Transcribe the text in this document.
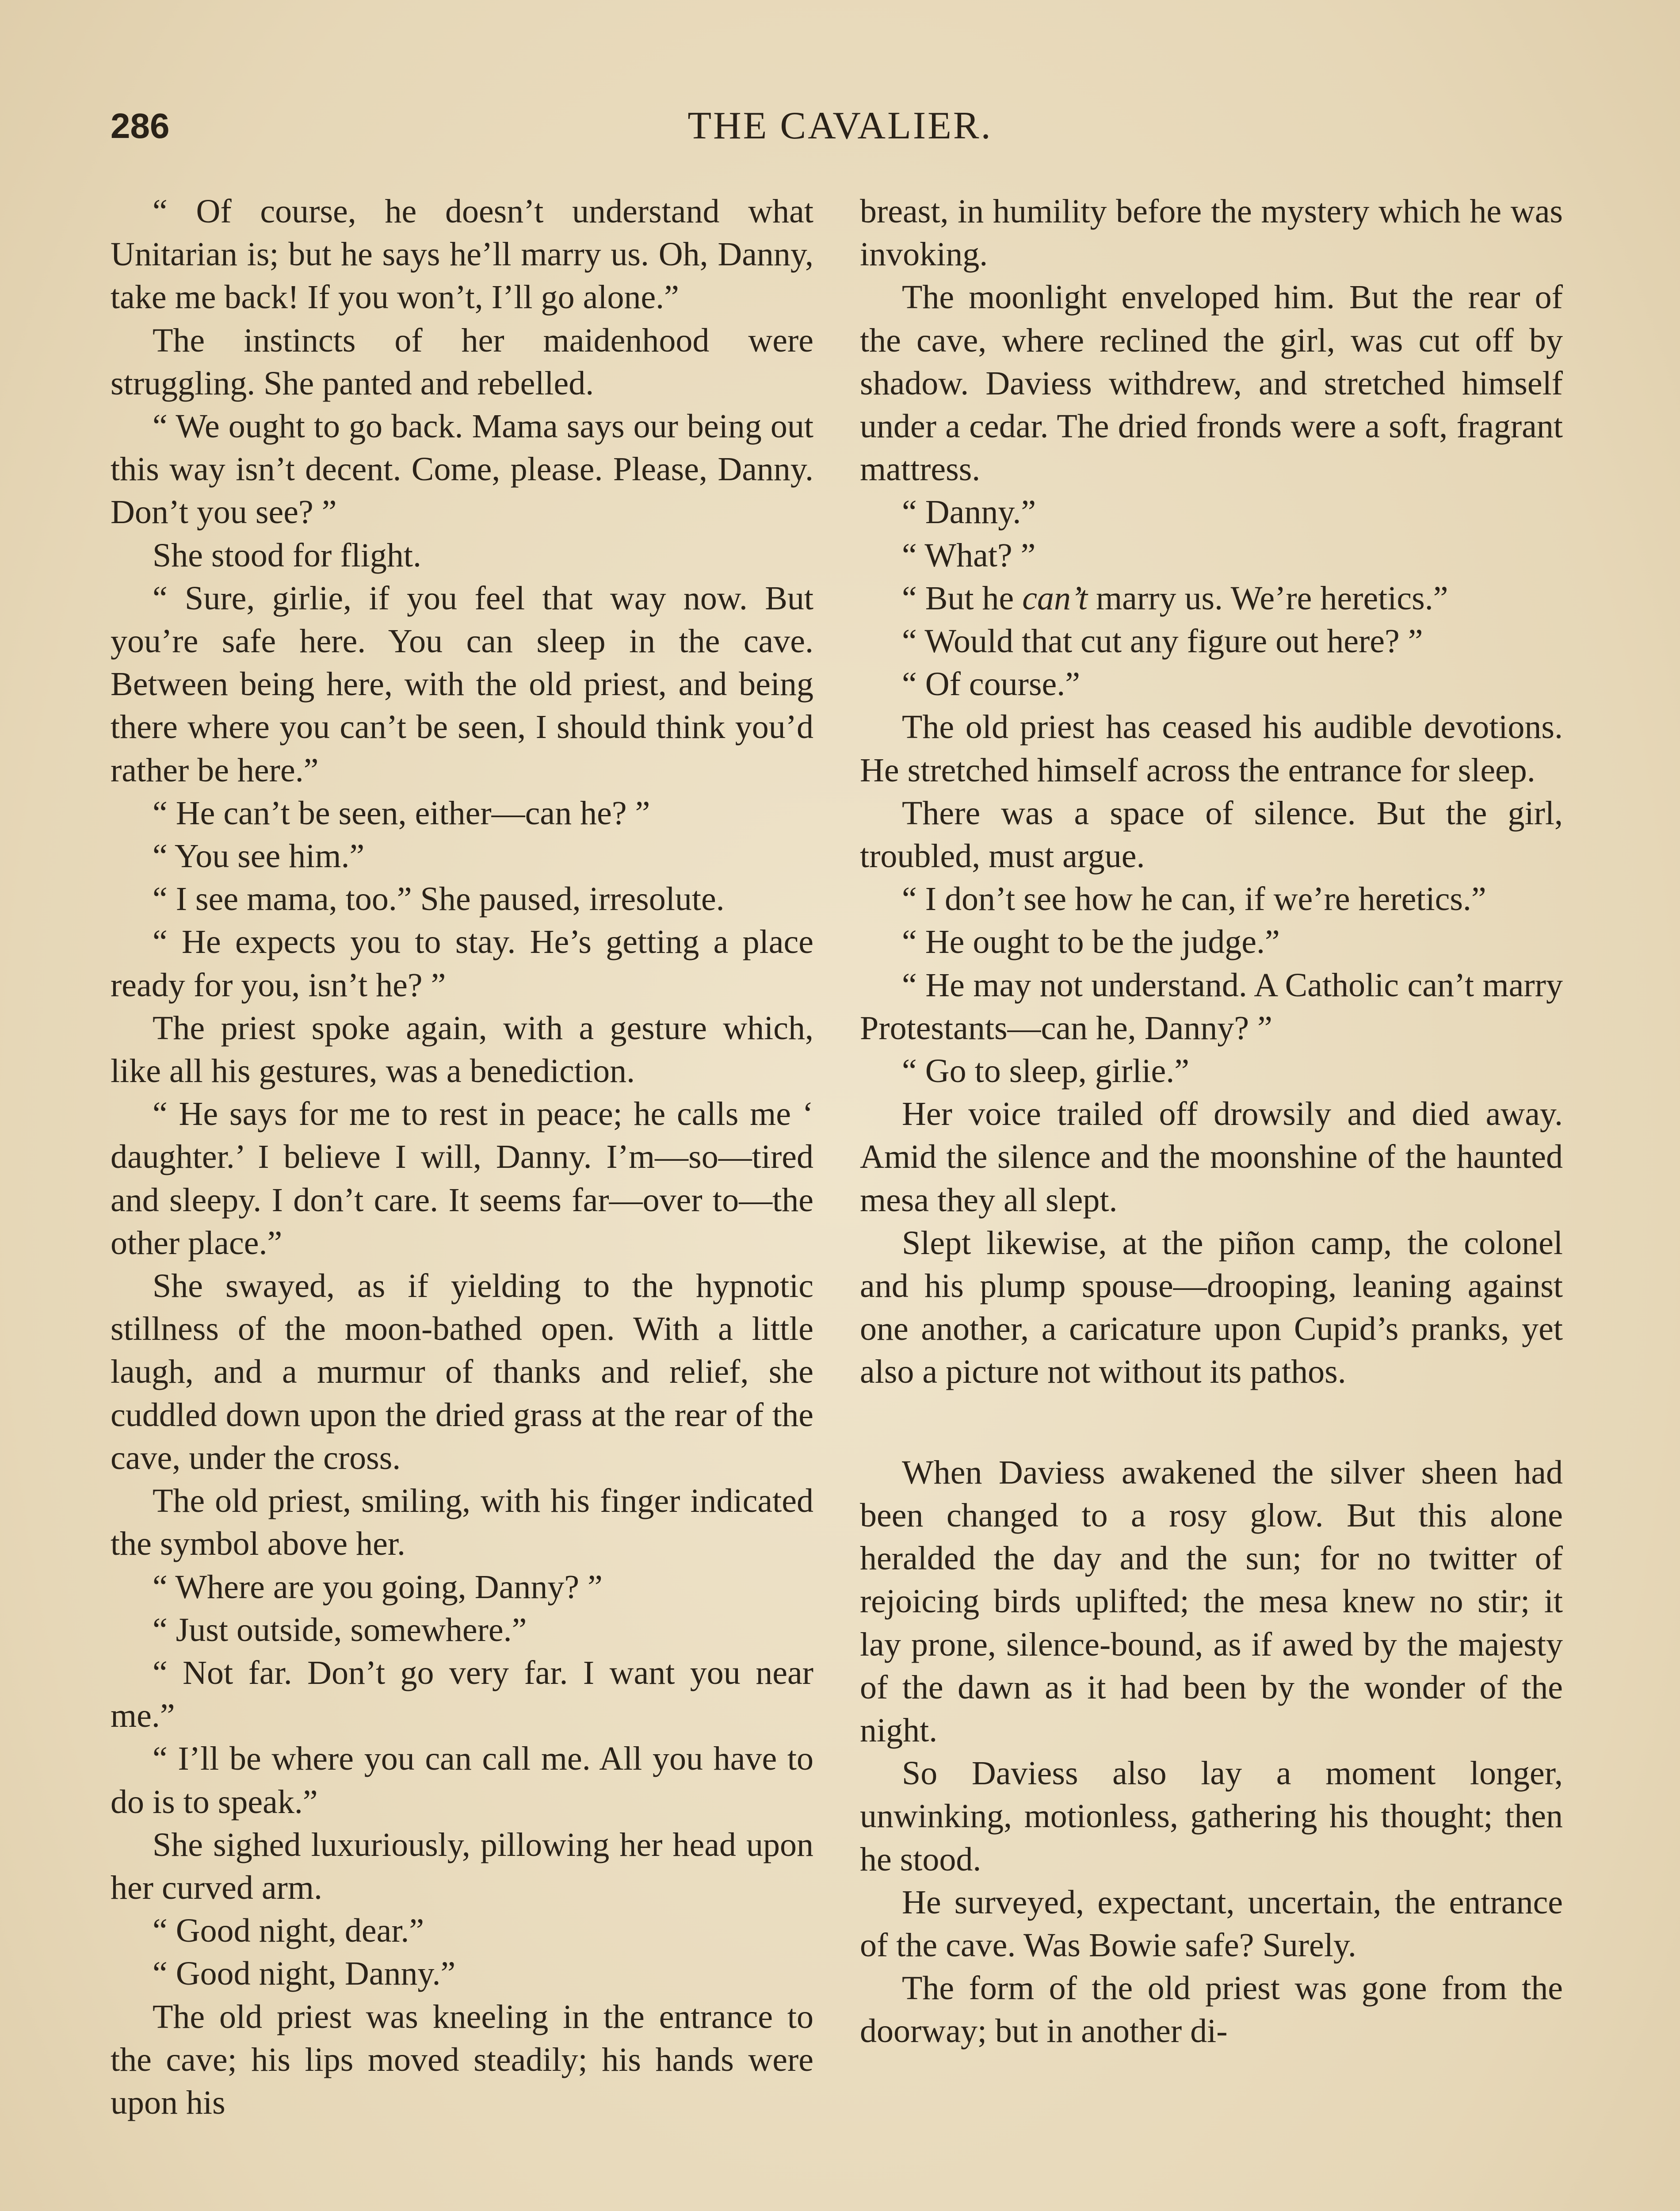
286	THE CAVALIER.

“ Of course, he doesn’t understand what Unitarian is; but he says he’ll marry us. Oh, Danny, take me back! If you won’t, I’ll go alone.”

The instincts of her maidenhood were struggling. She panted and rebelled.

“ We ought to go back. Mama says our being out this way isn’t decent. Come, please. Please, Danny. Don’t you see? ”

She stood for flight.

“ Sure, girlie, if you feel that way now. But you’re safe here. You can sleep in the cave. Between being here, with the old priest, and being there where you can’t be seen, I should think you’d rather be here.”

“ He can’t be seen, either—can he? ”

“ You see him.”

“ I see mama, too.” She paused, irresolute.

“ He expects you to stay. He’s getting a place ready for you, isn’t he? ”

The priest spoke again, with a gesture which, like all his gestures, was a benediction.

“ He says for me to rest in peace; he calls me ‘ daughter.’ I believe I will, Danny. I’m—so—tired and sleepy. I don’t care. It seems far—over to—the other place.”

She swayed, as if yielding to the hypnotic stillness of the moon-bathed open. With a little laugh, and a murmur of thanks and relief, she cuddled down upon the dried grass at the rear of the cave, under the cross.

The old priest, smiling, with his finger indicated the symbol above her.

“ Where are you going, Danny? ”

“ Just outside, somewhere.”

“ Not far. Don’t go very far. I want you near me.”

“ I’ll be where you can call me. All you have to do is to speak.”

She sighed luxuriously, pillowing her head upon her curved arm.

“ Good night, dear.”

“ Good night, Danny.”

The old priest was kneeling in the entrance to the cave; his lips moved steadily; his hands were upon his

breast, in humility before the mystery which he was invoking.

The moonlight enveloped him. But the rear of the cave, where reclined the girl, was cut off by shadow. Daviess withdrew, and stretched himself under a cedar. The dried fronds were a soft, fragrant mattress.

“ Danny.”

“ What? ”

“ But he can’t marry us. We’re heretics.”

“ Would that cut any figure out here? ”

“ Of course.”

The old priest has ceased his audible devotions. He stretched himself across the entrance for sleep.

There was a space of silence. But the girl, troubled, must argue.

“ I don’t see how he can, if we’re heretics.”

“ He ought to be the judge.”

“ He may not understand. A Catholic can’t marry Protestants—can he, Danny? ”

“ Go to sleep, girlie.”

Her voice trailed off drowsily and died away. Amid the silence and the moonshine of the haunted mesa they all slept.

Slept likewise, at the piñon camp, the colonel and his plump spouse—drooping, leaning against one another, a caricature upon Cupid’s pranks, yet also a picture not without its pathos.

When Daviess awakened the silver sheen had been changed to a rosy glow. But this alone heralded the day and the sun; for no twitter of rejoicing birds uplifted; the mesa knew no stir; it lay prone, silence-bound, as if awed by the majesty of the dawn as it had been by the wonder of the night.

So Daviess also lay a moment longer, unwinking, motionless, gathering his thought; then he stood.

He surveyed, expectant, uncertain, the entrance of the cave. Was Bowie safe? Surely.

The form of the old priest was gone from the doorway; but in another di-
